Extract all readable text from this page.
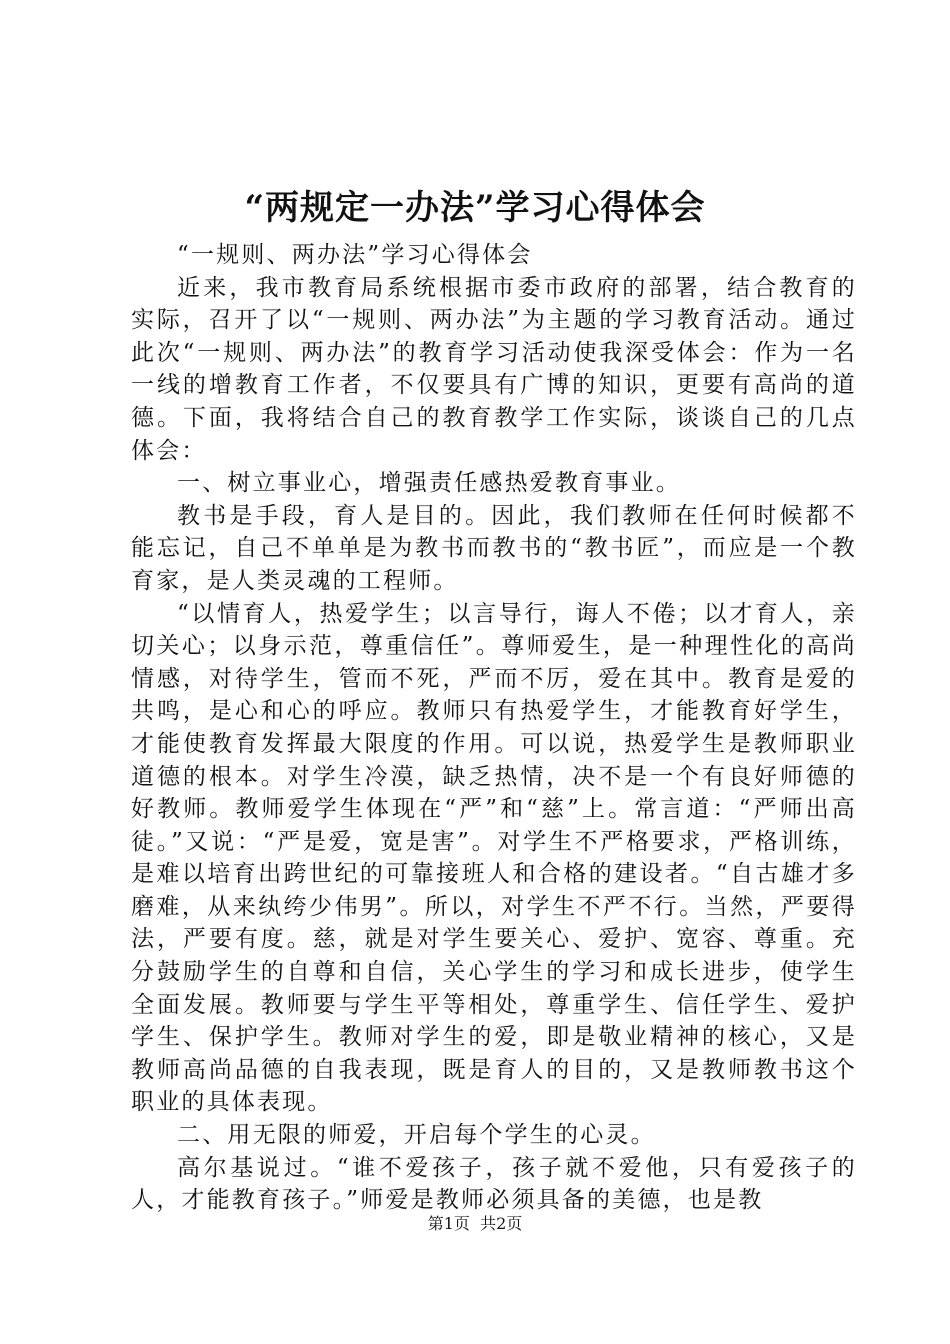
“两规定一办法”学习心得体会

“一规则、两办法”学习心得体会

近来，我市教育局系统根据市委市政府的部署，结合教育的实际，召开了以“一规则、两办法”为主题的学习教育活动。通过此次“一规则、两办法”的教育学习活动使我深受体会：作为一名一线的增教育工作者，不仅要具有广博的知识，更要有高尚的道德。下面，我将结合自己的教育教学工作实际，谈谈自己的几点体会：

一、树立事业心，增强责任感热爱教育事业。

教书是手段，育人是目的。因此，我们教师在任何时候都不能忘记，自己不单单是为教书而教书的“教书匠”，而应是一个教育家，是人类灵魂的工程师。

“以情育人，热爱学生；以言导行，诲人不倦；以才育人，亲切关心；以身示范，尊重信任”。尊师爱生，是一种理性化的高尚情感，对待学生，管而不死，严而不厉，爱在其中。教育是爱的共鸣，是心和心的呼应。教师只有热爱学生，才能教育好学生，才能使教育发挥最大限度的作用。可以说，热爱学生是教师职业道德的根本。对学生冷漠，缺乏热情，决不是一个有良好师德的好教师。教师爱学生体现在“严”和“慈”上。常言道：“严师出高徒。”又说：“严是爱，宽是害”。对学生不严格要求，严格训练，是难以培育出跨世纪的可靠接班人和合格的建设者。“自古雄才多磨难，从来纨绔少伟男”。所以，对学生不严不行。当然，严要得法，严要有度。慈，就是对学生要关心、爱护、宽容、尊重。充分鼓励学生的自尊和自信，关心学生的学习和成长进步，使学生全面发展。教师要与学生平等相处，尊重学生、信任学生、爱护学生、保护学生。教师对学生的爱，即是敬业精神的核心，又是教师高尚品德的自我表现，既是育人的目的，又是教师教书这个职业的具体表现。

二、用无限的师爱，开启每个学生的心灵。

高尔基说过。“谁不爱孩子，孩子就不爱他，只有爱孩子的人，才能教育孩子。”师爱是教师必须具备的美德，也是教

第1页  共2页
